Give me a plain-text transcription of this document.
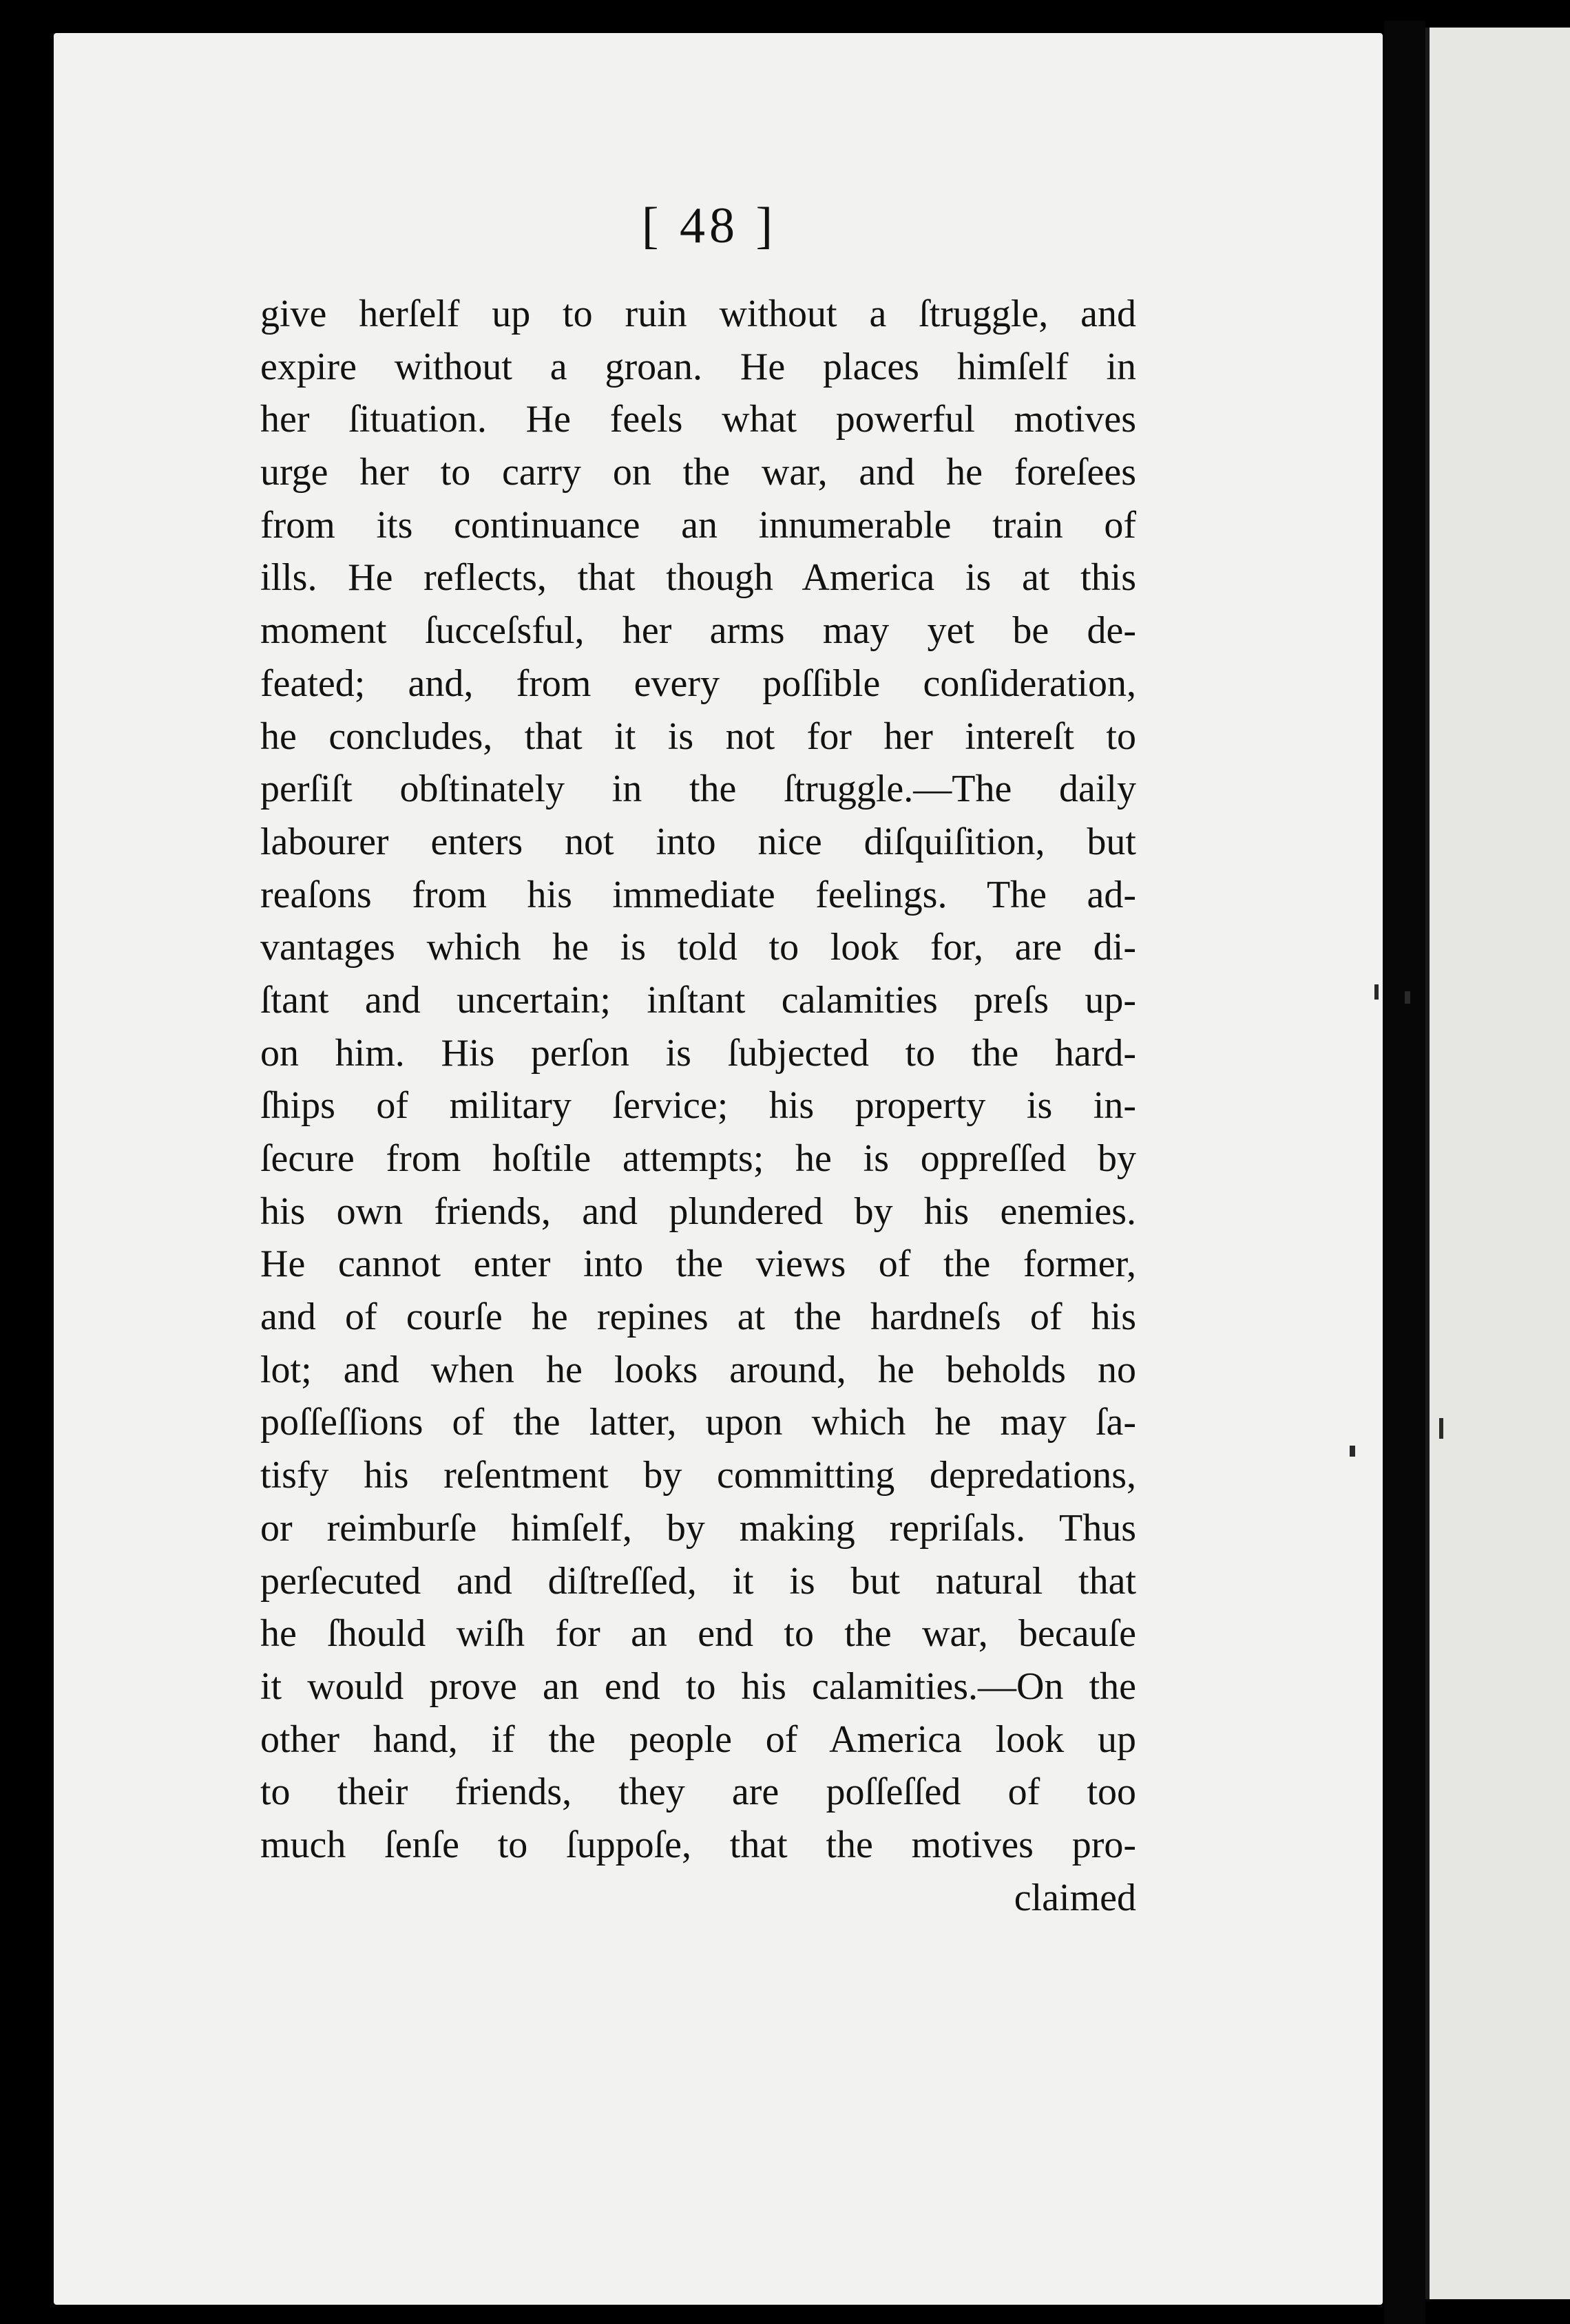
[ 48 ]
give herſelf up to ruin without a ſtruggle, and
expire without a groan. He places himſelf in
her ſituation. He feels what powerful motives
urge her to carry on the war, and he foreſees
from its continuance an innumerable train of
ills. He reflects, that though America is at this
moment ſucceſsful, her arms may yet be de-
feated; and, from every poſſible conſideration,
he concludes, that it is not for her intereſt to
perſiſt obſtinately in the ſtruggle.—The daily
labourer enters not into nice diſquiſition, but
reaſons from his immediate feelings. The ad-
vantages which he is told to look for, are di-
ſtant and uncertain; inſtant calamities preſs up-
on him. His perſon is ſubjected to the hard-
ſhips of military ſervice; his property is in-
ſecure from hoſtile attempts; he is oppreſſed by
his own friends, and plundered by his enemies.
He cannot enter into the views of the former,
and of courſe he repines at the hardneſs of his
lot; and when he looks around, he beholds no
poſſeſſions of the latter, upon which he may ſa-
tisfy his reſentment by committing depredations,
or reimburſe himſelf, by making repriſals. Thus
perſecuted and diſtreſſed, it is but natural that
he ſhould wiſh for an end to the war, becauſe
it would prove an end to his calamities.—On the
other hand, if the people of America look up
to their friends, they are poſſeſſed of too
much ſenſe to ſuppoſe, that the motives pro-
claimed
